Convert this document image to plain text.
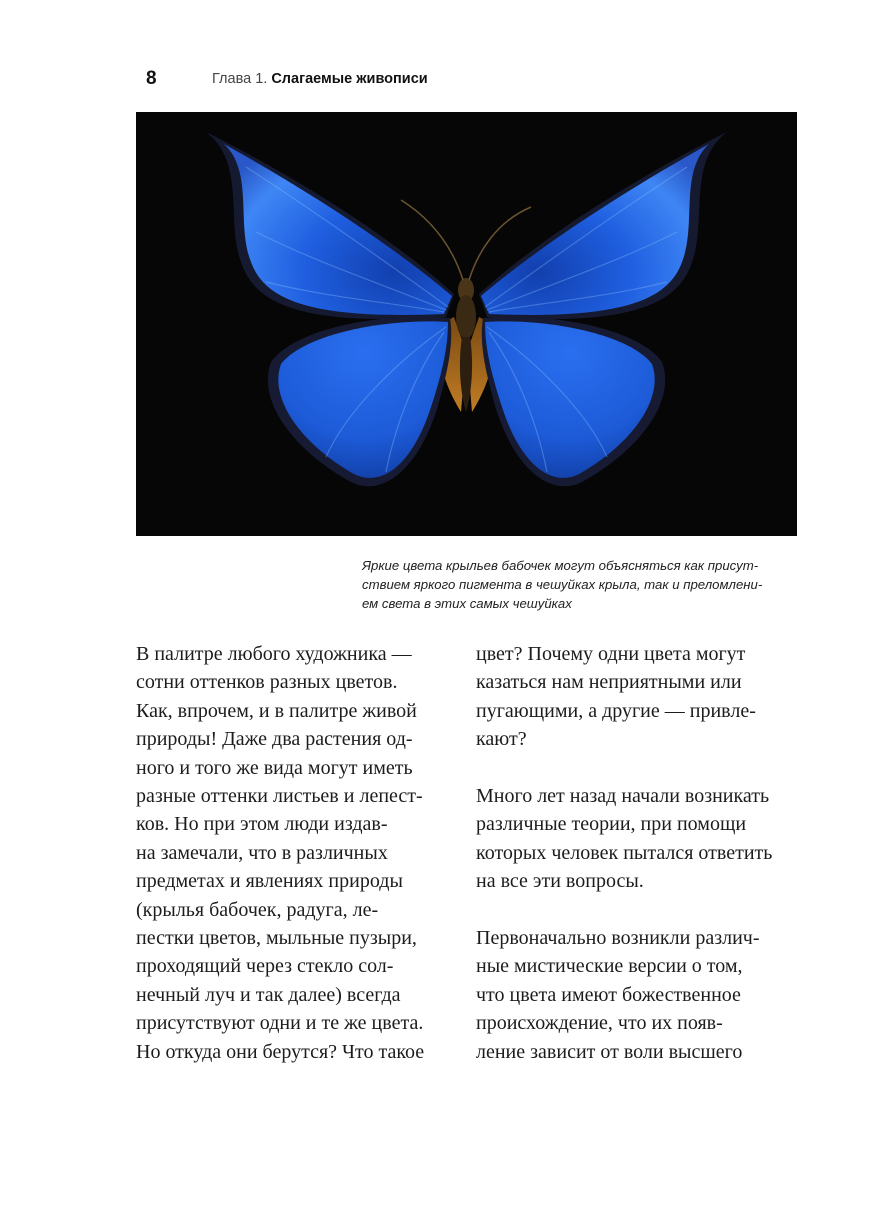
8	Глава 1. Слагаемые живописи
Яркие цвета крыльев бабочек могут объясняться как присут-
ствием яркого пигмента в чешуйках крыла, так и преломлени-
ем света в этих самых чешуйках
В палитре любого художника —
сотни оттенков разных цветов.
Как, впрочем, и в палитре живой
природы! Даже два растения од-
ного и того же вида могут иметь
разные оттенки листьев и лепест-
ков. Но при этом люди издав-
на замечали, что в различных
предметах и явлениях природы
(крылья бабочек, радуга, ле-
пестки цветов, мыльные пузыри,
проходящий через стекло сол-
нечный луч и так далее) всегда
присутствуют одни и те же цвета.
Но откуда они берутся? Что такое
цвет? Почему одни цвета могут
казаться нам неприятными или
пугающими, а другие — привле-
кают?
Много лет назад начали возникать
различные теории, при помощи
которых человек пытался ответить
на все эти вопросы.
Первоначально возникли различ-
ные мистические версии о том,
что цвета имеют божественное
происхождение, что их появ-
ление зависит от воли высшего
